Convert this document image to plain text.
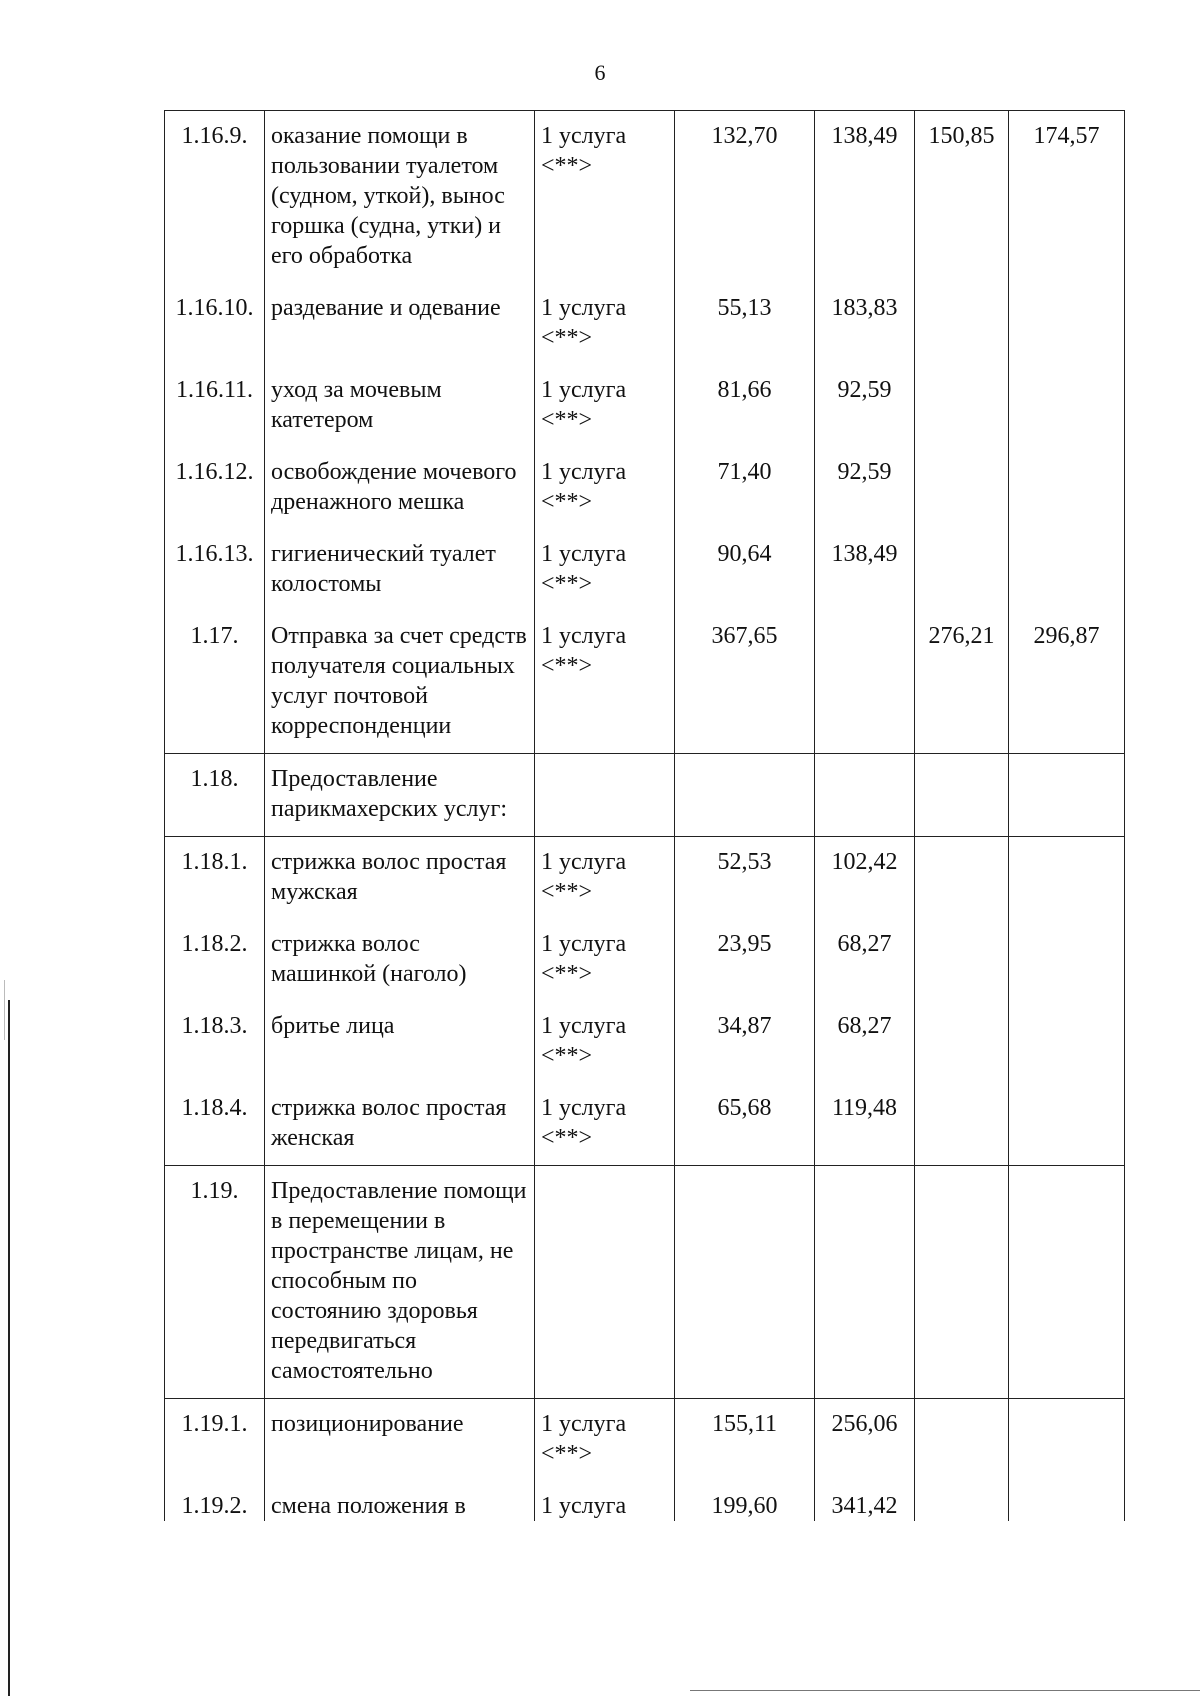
6
1.16.9.	оказание помощи в пользовании туалетом (судном, уткой), вынос горшка (судна, утки) и его обработка	1 услуга <**>	132,70	138,49	150,85	174,57
1.16.10.	раздевание и одевание	1 услуга <**>	55,13	183,83		
1.16.11.	уход за мочевым катетером	1 услуга <**>	81,66	92,59		
1.16.12.	освобождение мочевого дренажного мешка	1 услуга <**>	71,40	92,59		
1.16.13.	гигиенический туалет колостомы	1 услуга <**>	90,64	138,49		
1.17.	Отправка за счет средств получателя социальных услуг почтовой корреспонденции	1 услуга <**>	367,65		276,21	296,87
1.18.	Предоставление парикмахерских услуг:					
1.18.1.	стрижка волос простая мужская	1 услуга <**>	52,53	102,42		
1.18.2.	стрижка волос машинкой (наголо)	1 услуга <**>	23,95	68,27		
1.18.3.	бритье лица	1 услуга <**>	34,87	68,27		
1.18.4.	стрижка волос простая женская	1 услуга <**>	65,68	119,48		
1.19.	Предоставление помощи в перемещении в пространстве лицам, не способным по состоянию здоровья передвигаться самостоятельно					
1.19.1.	позиционирование	1 услуга <**>	155,11	256,06		
1.19.2.	смена положения в	1 услуга	199,60	341,42		
